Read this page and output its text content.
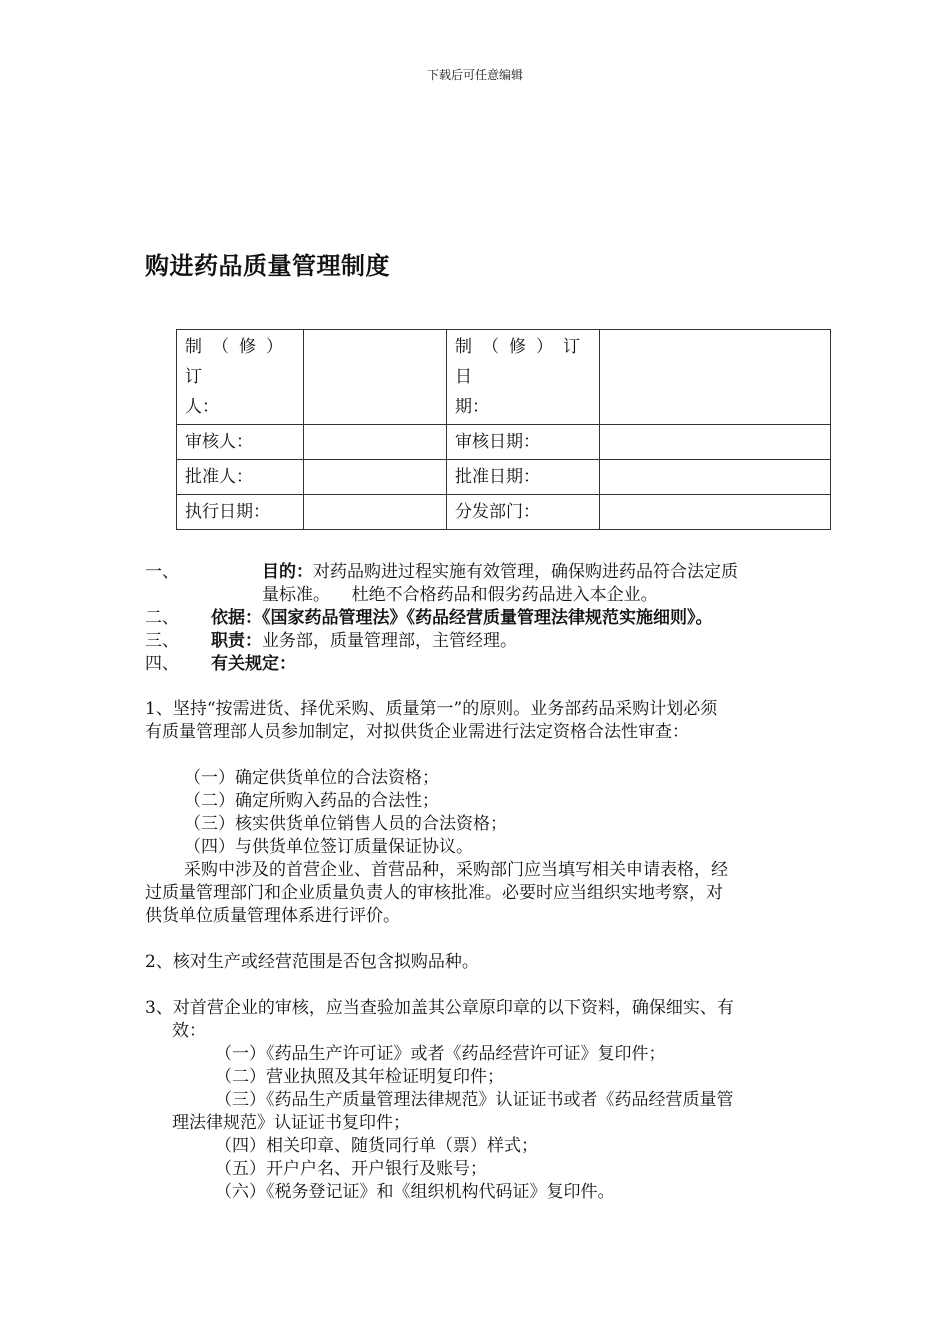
下载后可任意编辑
购进药品质量管理制度
制（修）订
人：		制（修）订日
期：	
审核人：		审核日期：	
批准人：		批准日期：	
执行日期：		分发部门：	
一、	目的：对药品购进过程实施有效管理，确保购进药品符合法定质
量标准。    杜绝不合格药品和假劣药品进入本企业。
二、 依据：《国家药品管理法》《药品经营质量管理法律规范实施细则》。
三、 职责：业务部，质量管理部，主管经理。
四、 有关规定：
1、坚持“按需进货、择优采购、质量第一”的原则。业务部药品采购计划必须
有质量管理部人员参加制定，对拟供货企业需进行法定资格合法性审查：
（一）确定供货单位的合法资格；
（二）确定所购入药品的合法性；
（三）核实供货单位销售人员的合法资格；
（四）与供货单位签订质量保证协议。
采购中涉及的首营企业、首营品种，采购部门应当填写相关申请表格，经
过质量管理部门和企业质量负责人的审核批准。必要时应当组织实地考察，对
供货单位质量管理体系进行评价。
2、核对生产或经营范围是否包含拟购品种。
3、对首营企业的审核，应当查验加盖其公章原印章的以下资料，确保细实、有
效：
（一）《药品生产许可证》或者《药品经营许可证》复印件；
（二）营业执照及其年检证明复印件；
（三）《药品生产质量管理法律规范》认证证书或者《药品经营质量管
理法律规范》认证证书复印件；
（四）相关印章、随货同行单（票）样式；
（五）开户户名、开户银行及账号；
（六）《税务登记证》和《组织机构代码证》复印件。
